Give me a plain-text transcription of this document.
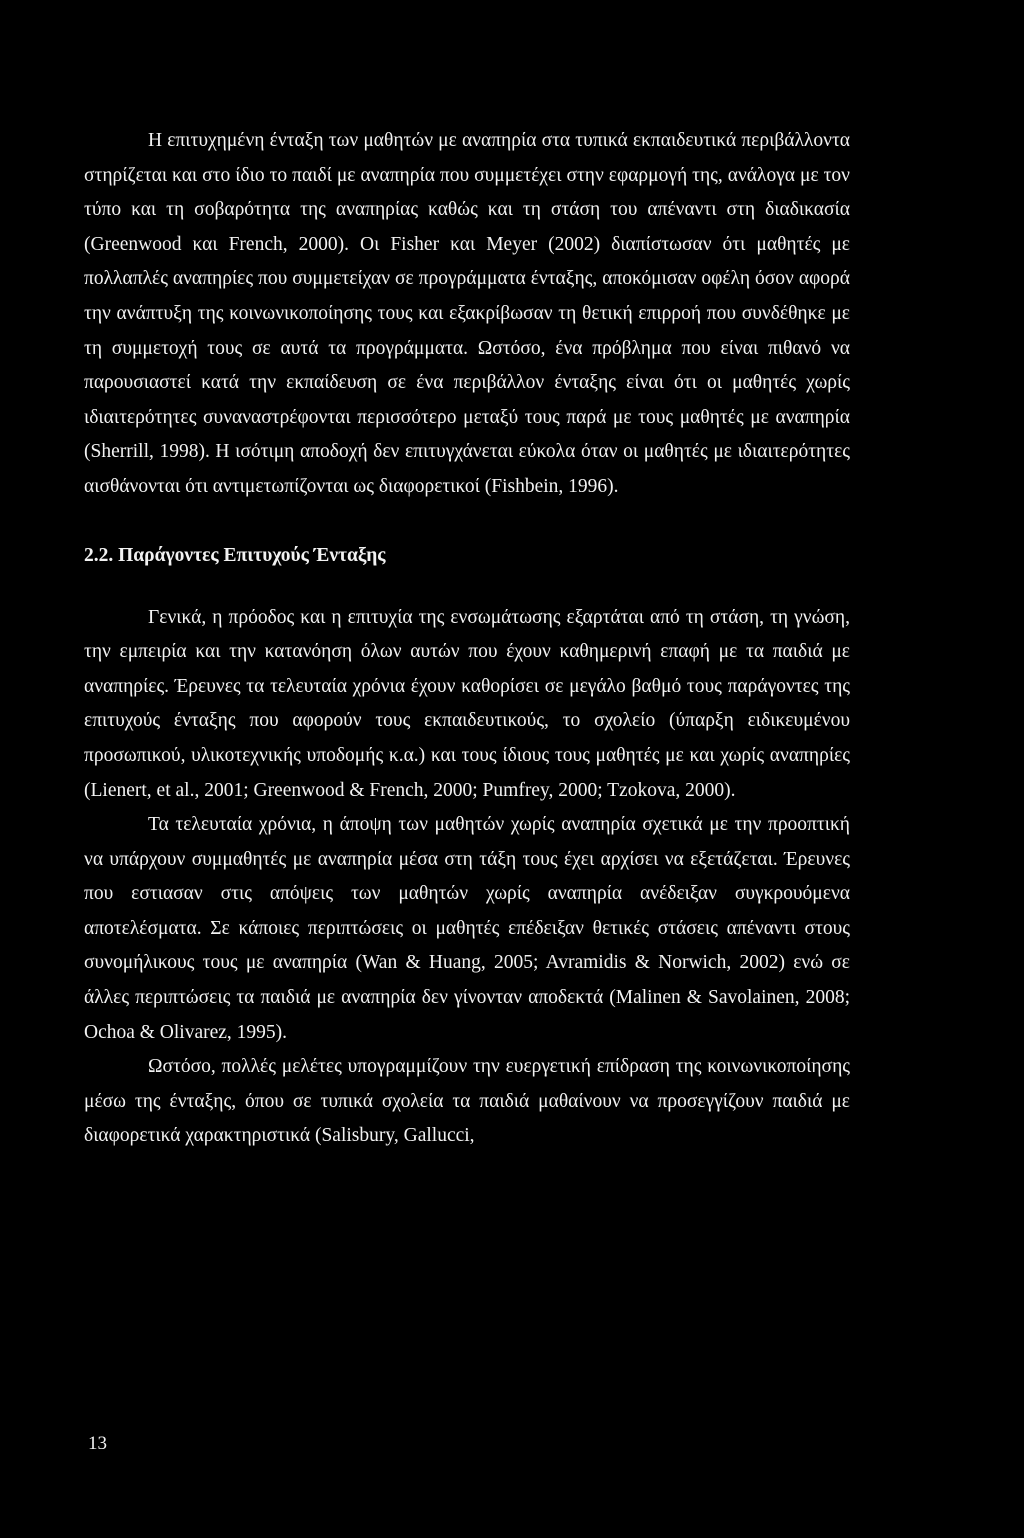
Η επιτυχημένη ένταξη των μαθητών με αναπηρία στα τυπικά εκπαιδευτικά περιβάλλοντα στηρίζεται και στο ίδιο το παιδί με αναπηρία που συμμετέχει στην εφαρμογή της, ανάλογα με τον τύπο και τη σοβαρότητα της αναπηρίας καθώς και τη στάση του απέναντι στη διαδικασία (Greenwood και French, 2000). Οι Fisher και Meyer (2002) διαπίστωσαν ότι μαθητές με πολλαπλές αναπηρίες που συμμετείχαν σε προγράμματα ένταξης, αποκόμισαν οφέλη όσον αφορά την ανάπτυξη της κοινωνικοποίησης τους και εξακρίβωσαν τη θετική επιρροή που συνδέθηκε με τη συμμετοχή τους σε αυτά τα προγράμματα. Ωστόσο, ένα πρόβλημα που είναι πιθανό να παρουσιαστεί κατά την εκπαίδευση σε ένα περιβάλλον ένταξης είναι ότι οι μαθητές χωρίς ιδιαιτερότητες συναναστρέφονται περισσότερο μεταξύ τους παρά με τους μαθητές με αναπηρία (Sherrill, 1998). Η ισότιμη αποδοχή δεν επιτυγχάνεται εύκολα όταν οι μαθητές με ιδιαιτερότητες αισθάνονται ότι αντιμετωπίζονται ως διαφορετικοί (Fishbein, 1996).

2.2. Παράγοντες Επιτυχούς Ένταξης

Γενικά, η πρόοδος και η επιτυχία της ενσωμάτωσης εξαρτάται από τη στάση, τη γνώση, την εμπειρία και την κατανόηση όλων αυτών που έχουν καθημερινή επαφή με τα παιδιά με αναπηρίες. Έρευνες τα τελευταία χρόνια έχουν καθορίσει σε μεγάλο βαθμό τους παράγοντες της επιτυχούς ένταξης που αφορούν τους εκπαιδευτικούς, το σχολείο (ύπαρξη ειδικευμένου προσωπικού, υλικοτεχνικής υποδομής κ.α.) και τους ίδιους τους μαθητές με και χωρίς αναπηρίες (Lienert, et al., 2001; Greenwood & French, 2000; Pumfrey, 2000; Tzokova, 2000).

Τα τελευταία χρόνια, η άποψη των μαθητών χωρίς αναπηρία σχετικά με την προοπτική να υπάρχουν συμμαθητές με αναπηρία μέσα στη τάξη τους έχει αρχίσει να εξετάζεται. Έρευνες που εστιασαν στις απόψεις των μαθητών χωρίς αναπηρία ανέδειξαν συγκρουόμενα αποτελέσματα. Σε κάποιες περιπτώσεις οι μαθητές επέδειξαν θετικές στάσεις απέναντι στους συνομήλικους τους με αναπηρία (Wan & Huang, 2005; Avramidis & Norwich, 2002) ενώ σε άλλες περιπτώσεις τα παιδιά με αναπηρία δεν γίνονταν αποδεκτά (Malinen & Savolainen, 2008; Ochoa & Olivarez, 1995).

Ωστόσο, πολλές μελέτες υπογραμμίζουν την ευεργετική επίδραση της κοινωνικοποίησης μέσω της ένταξης, όπου σε τυπικά σχολεία τα παιδιά μαθαίνουν να προσεγγίζουν παιδιά με διαφορετικά χαρακτηριστικά (Salisbury, Gallucci,

13
